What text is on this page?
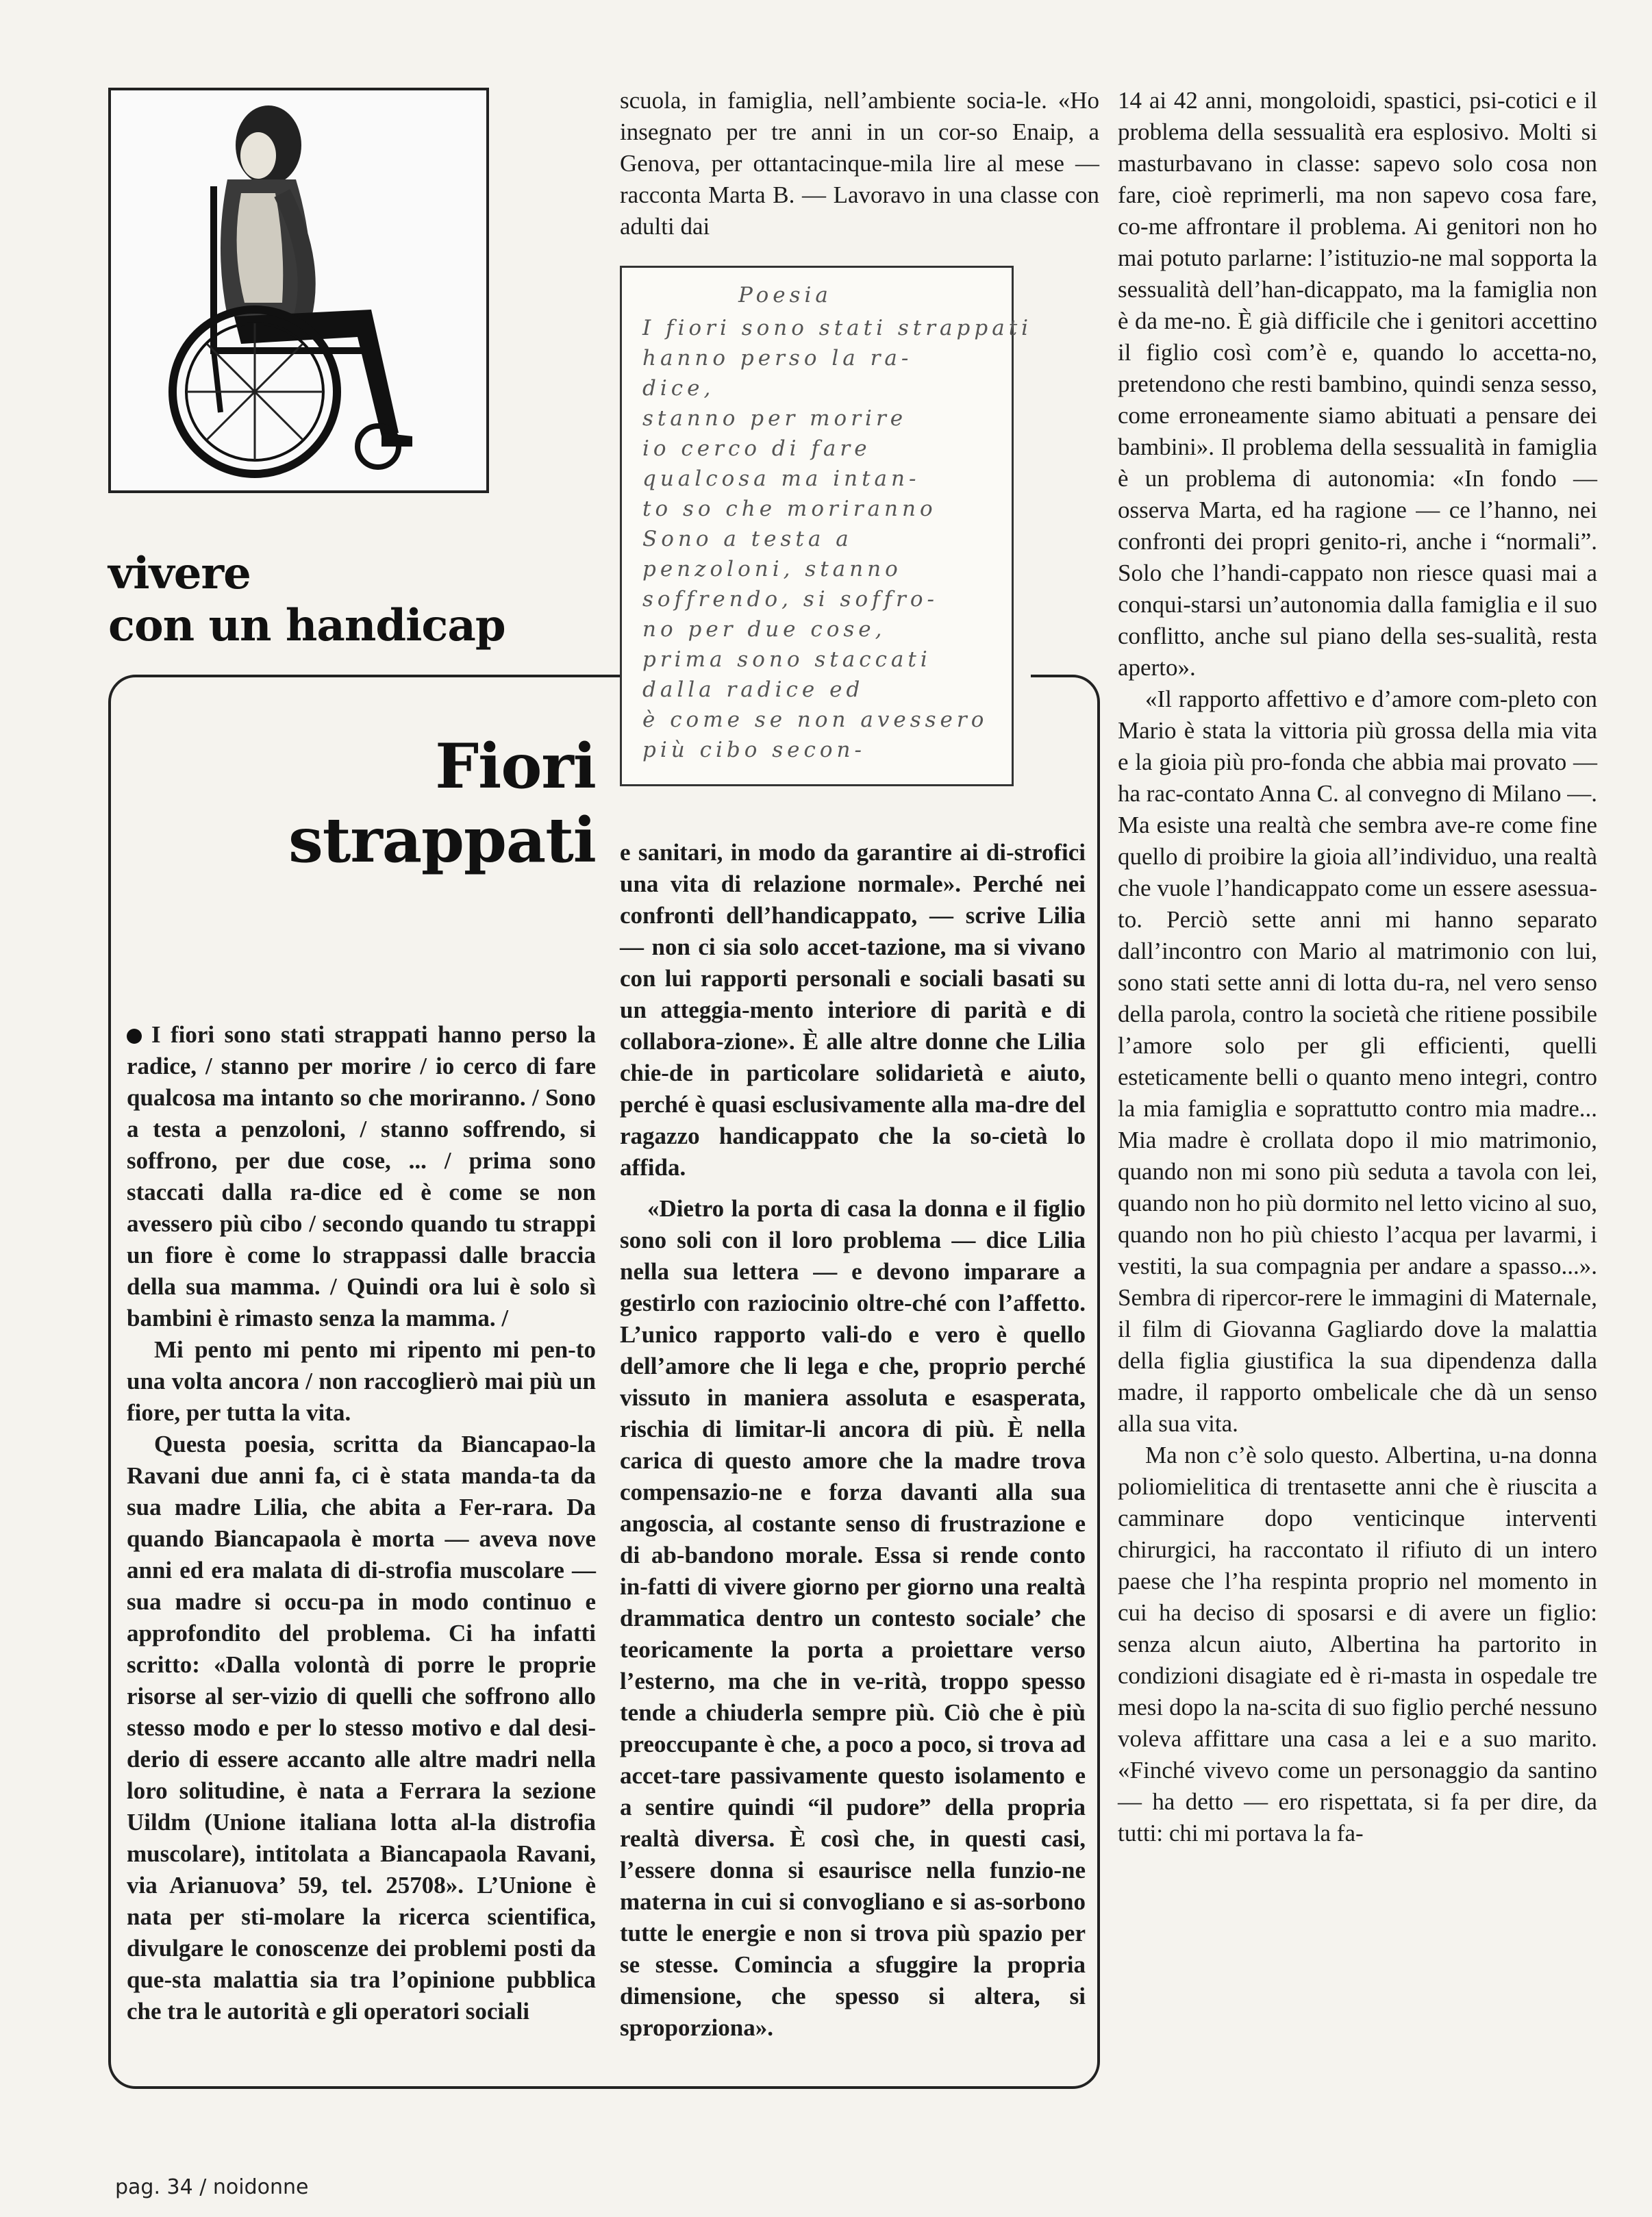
vivere
con un handicap
Fiori
strappati
Poesia
I fiori sono stati strappati
hanno perso la ra-
dice,
stanno per morire
io cerco di fare
qualcosa ma intan-
to so che moriranno
Sono a testa a
penzoloni, stanno
soffrendo, si soffro-
no per due cose,
prima sono staccati
dalla radice ed
è come se non avessero
più cibo secon-

scuola, in famiglia, nell’ambiente socia-le. «Ho insegnato per tre anni in un cor-so Enaip, a Genova, per ottantacinque-mila lire al mese — racconta Marta B. — Lavoravo in una classe con adulti dai

I fiori sono stati strappati hanno perso la radice, / stanno per morire / io cerco di fare qualcosa ma intanto so che moriranno. / Sono a testa a penzoloni, / stanno soffrendo, si soffrono, per due cose, ... / prima sono staccati dalla ra-dice ed è come se non avessero più cibo / secondo quando tu strappi un fiore è come lo strappassi dalle braccia della sua mamma. / Quindi ora lui è solo sì bambini è rimasto senza la mamma. /

Mi pento mi pento mi ripento mi pen-to una volta ancora / non raccoglierò mai più un fiore, per tutta la vita.

Questa poesia, scritta da Biancapao-la Ravani due anni fa, ci è stata manda-ta da sua madre Lilia, che abita a Fer-rara. Da quando Biancapaola è morta — aveva nove anni ed era malata di di-strofia muscolare — sua madre si occu-pa in modo continuo e approfondito del problema. Ci ha infatti scritto: «Dalla volontà di porre le proprie risorse al ser-vizio di quelli che soffrono allo stesso modo e per lo stesso motivo e dal desi-derio di essere accanto alle altre madri nella loro solitudine, è nata a Ferrara la sezione Uildm (Unione italiana lotta al-la distrofia muscolare), intitolata a Biancapaola Ravani, via Arianuova’ 59, tel. 25708». L’Unione è nata per sti-molare la ricerca scientifica, divulgare le conoscenze dei problemi posti da que-sta malattia sia tra l’opinione pubblica che tra le autorità e gli operatori sociali

e sanitari, in modo da garantire ai di-strofici una vita di relazione normale». Perché nei confronti dell’handicappato, — scrive Lilia — non ci sia solo accet-tazione, ma si vivano con lui rapporti personali e sociali basati su un atteggia-mento interiore di parità e di collabora-zione». È alle altre donne che Lilia chie-de in particolare solidarietà e aiuto, perché è quasi esclusivamente alla ma-dre del ragazzo handicappato che la so-cietà lo affida.

«Dietro la porta di casa la donna e il figlio sono soli con il loro problema — dice Lilia nella sua lettera — e devono imparare a gestirlo con raziocinio oltre-ché con l’affetto. L’unico rapporto vali-do e vero è quello dell’amore che li lega e che, proprio perché vissuto in maniera assoluta e esasperata, rischia di limitar-li ancora di più. È nella carica di questo amore che la madre trova compensazio-ne e forza davanti alla sua angoscia, al costante senso di frustrazione e di ab-bandono morale. Essa si rende conto in-fatti di vivere giorno per giorno una realtà drammatica dentro un contesto sociale’ che teoricamente la porta a proiettare verso l’esterno, ma che in ve-rità, troppo spesso tende a chiuderla sempre più. Ciò che è più preoccupante è che, a poco a poco, si trova ad accet-tare passivamente questo isolamento e a sentire quindi “il pudore” della propria realtà diversa. È così che, in questi casi, l’essere donna si esaurisce nella funzio-ne materna in cui si convogliano e si as-sorbono tutte le energie e non si trova più spazio per se stesse. Comincia a sfuggire la propria dimensione, che spesso si altera, si sproporziona».

14 ai 42 anni, mongoloidi, spastici, psi-cotici e il problema della sessualità era esplosivo. Molti si masturbavano in classe: sapevo solo cosa non fare, cioè reprimerli, ma non sapevo cosa fare, co-me affrontare il problema. Ai genitori non ho mai potuto parlarne: l’istituzio-ne mal sopporta la sessualità dell’han-dicappato, ma la famiglia non è da me-no. È già difficile che i genitori accettino il figlio così com’è e, quando lo accetta-no, pretendono che resti bambino, quindi senza sesso, come erroneamente siamo abituati a pensare dei bambini». Il problema della sessualità in famiglia è un problema di autonomia: «In fondo — osserva Marta, ed ha ragione — ce l’hanno, nei confronti dei propri genito-ri, anche i “normali”. Solo che l’handi-cappato non riesce quasi mai a conqui-starsi un’autonomia dalla famiglia e il suo conflitto, anche sul piano della ses-sualità, resta aperto».

«Il rapporto affettivo e d’amore com-pleto con Mario è stata la vittoria più grossa della mia vita e la gioia più pro-fonda che abbia mai provato — ha rac-contato Anna C. al convegno di Milano —. Ma esiste una realtà che sembra ave-re come fine quello di proibire la gioia all’individuo, una realtà che vuole l’handicappato come un essere asessua-to. Perciò sette anni mi hanno separato dall’incontro con Mario al matrimonio con lui, sono stati sette anni di lotta du-ra, nel vero senso della parola, contro la società che ritiene possibile l’amore solo per gli efficienti, quelli esteticamente belli o quanto meno integri, contro la mia famiglia e soprattutto contro mia madre... Mia madre è crollata dopo il mio matrimonio, quando non mi sono più seduta a tavola con lei, quando non ho più dormito nel letto vicino al suo, quando non ho più chiesto l’acqua per lavarmi, i vestiti, la sua compagnia per andare a spasso...». Sembra di ripercor-rere le immagini di Maternale, il film di Giovanna Gagliardo dove la malattia della figlia giustifica la sua dipendenza dalla madre, il rapporto ombelicale che dà un senso alla sua vita.

Ma non c’è solo questo. Albertina, u-na donna poliomielitica di trentasette anni che è riuscita a camminare dopo venticinque interventi chirurgici, ha raccontato il rifiuto di un intero paese che l’ha respinta proprio nel momento in cui ha deciso di sposarsi e di avere un figlio: senza alcun aiuto, Albertina ha partorito in condizioni disagiate ed è ri-masta in ospedale tre mesi dopo la na-scita di suo figlio perché nessuno voleva affittare una casa a lei e a suo marito. «Finché vivevo come un personaggio da santino — ha detto — ero rispettata, si fa per dire, da tutti: chi mi portava la fa-

pag. 34 / noidonne
